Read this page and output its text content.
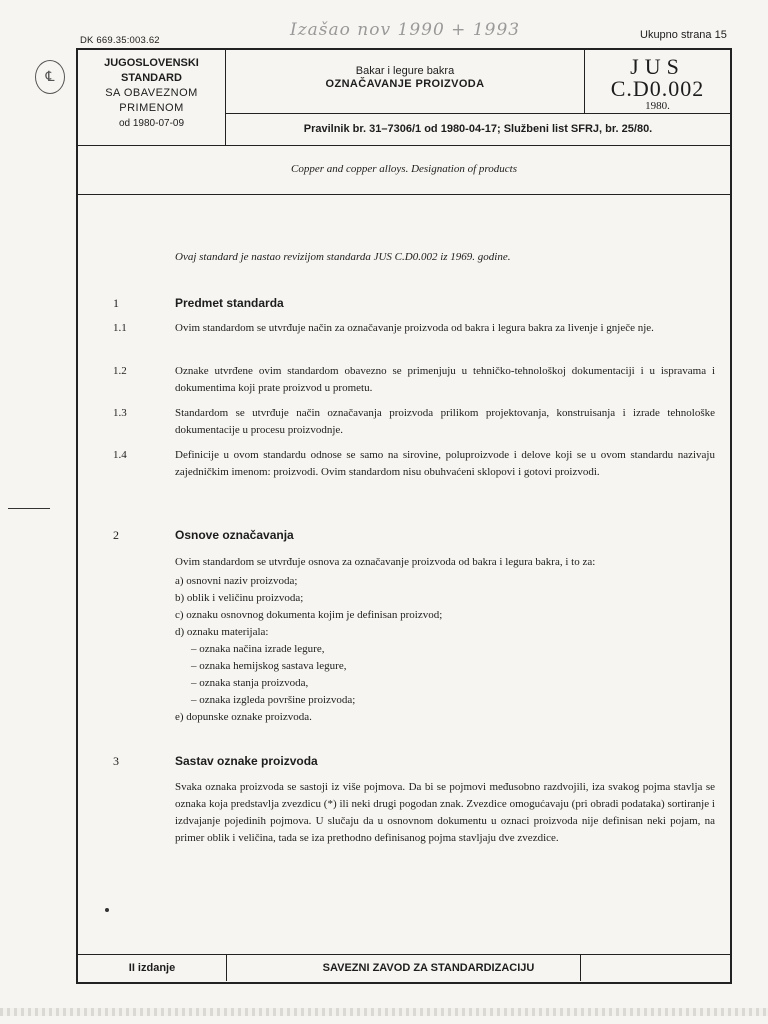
DK 669.35:003.62
Izašao nov 1990 + 1993	Ukupno strana 15
℄
JUGOSLOVENSKI
STANDARD
SA OBAVEZNOM
PRIMENOM
od 1980-07-09
Bakar i legure bakra
OZNAČAVANJE PROIZVODA
JUS
C.D0.002
1980.
Pravilnik br. 31–7306/1 od 1980-04-17; Službeni list SFRJ, br. 25/80.
Copper and copper alloys. Designation of products
Ovaj standard je nastao revizijom standarda JUS C.D0.002 iz 1969. godine.
1	Predmet standarda
1.1	Ovim standardom se utvrđuje način za označavanje proizvoda od bakra i legura bakra za livenje i gnječe nje.
1.2	Oznake utvrđene ovim standardom obavezno se primenjuju u tehničko-tehnološkoj dokumentaciji i u ispravama i dokumentima koji prate proizvod u prometu.
1.3	Standardom se utvrđuje način označavanja proizvoda prilikom projektovanja, konstruisanja i izrade tehnološke dokumentacije u procesu proizvodnje.
1.4	Definicije u ovom standardu odnose se samo na sirovine, poluproizvode i delove koji se u ovom standardu nazivaju zajedničkim imenom: proizvodi. Ovim standardom nisu obuhvaćeni sklopovi i gotovi proizvodi.
2	Osnove označavanja
Ovim standardom se utvrđuje osnova za označavanje proizvoda od bakra i legura bakra, i to za:
a) osnovni naziv proizvoda;
b) oblik i veličinu proizvoda;
c) oznaku osnovnog dokumenta kojim je definisan proizvod;
d) oznaku materijala:
– oznaka načina izrade legure,
– oznaka hemijskog sastava legure,
– oznaka stanja proizvoda,
– oznaka izgleda površine proizvoda;
e) dopunske oznake proizvoda.
3	Sastav oznake proizvoda
Svaka oznaka proizvoda se sastoji iz više pojmova. Da bi se pojmovi međusobno razdvojili, iza svakog pojma stavlja se oznaka koja predstavlja zvezdicu (*) ili neki drugi pogodan znak. Zvezdice omogućavaju (pri obradi podataka) sortiranje i izdvajanje pojedinih pojmova. U slučaju da u osnovnom dokumentu u oznaci proizvoda nije definisan neki pojam, na primer oblik i veličina, tada se iza prethodno definisanog pojma stavljaju dve zvezdice.
II izdanje	SAVEZNI ZAVOD ZA STANDARDIZACIJU
